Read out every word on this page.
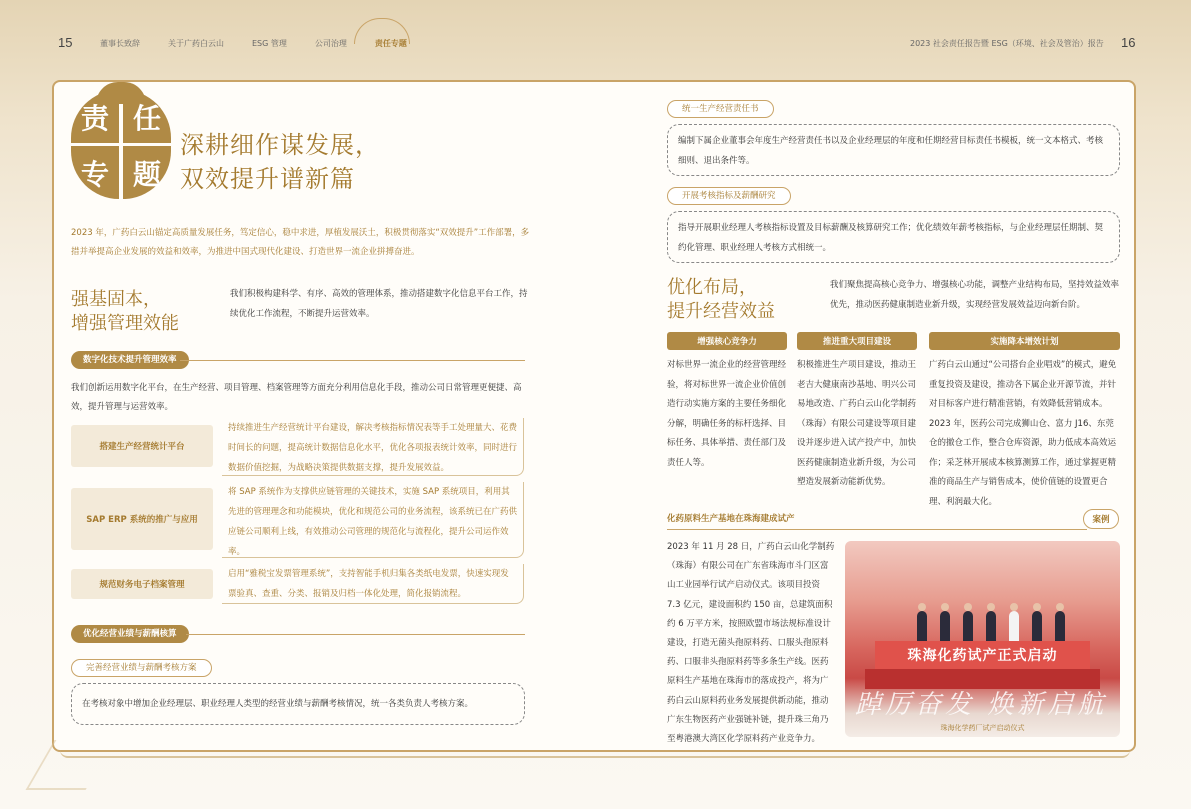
15	董事长致辞	关于广药白云山	ESG 管理	公司治理	责任专题	2023 社会责任报告暨 ESG（环境、社会及管治）报告 16
责 任
专 题
深耕细作谋发展，
双效提升谱新篇

2023 年，广药白云山锚定高质量发展任务，笃定信心，稳中求进，厚植发展沃土，积极贯彻落实“双效提升”工作部署，多措并举提高企业发展的效益和效率，为推进中国式现代化建设、打造世界一流企业拼搏奋进。

强基固本，
增强管理效能

我们积极构建科学、有序、高效的管理体系，推动搭建数字化信息平台工作，持续优化工作流程，不断提升运营效率。

数字化技术提升管理效率

我们创新运用数字化平台，在生产经营、项目管理、档案管理等方面充分利用信息化手段，推动公司日常管理更便捷、高效，提升管理与运营效率。

搭建生产经营统计平台

持续推进生产经营统计平台建设，解决考核指标情况表等手工处理量大、花费时间长的问题，提高统计数据信息化水平，优化各项报表统计效率，同时进行数据价值挖掘，为战略决策提供数据支撑，提升发展效益。

SAP ERP 系统的推广与应用

将 SAP 系统作为支撑供应链管理的关键技术，实施 SAP 系统项目，利用其先进的管理理念和功能模块，优化和规范公司的业务流程，该系统已在广药供应链公司顺利上线，有效推动公司管理的规范化与流程化，提升公司运作效率。

规范财务电子档案管理

启用“雅税宝发票管理系统”，支持智能手机归集各类纸电发票，快速实现发票验真、查重、分类、报销及归档一体化处理，简化报销流程。

优化经营业绩与薪酬核算
完善经营业绩与薪酬考核方案

在考核对象中增加企业经理层、职业经理人类型的经营业绩与薪酬考核情况，统一各类负责人考核方案。

统一生产经营责任书

编制下属企业董事会年度生产经营责任书以及企业经理层的年度和任期经营目标责任书模板，统一文本格式、考核细则、退出条件等。

开展考核指标及薪酬研究

指导开展职业经理人考核指标设置及目标薪酬及核算研究工作；优化绩效年薪考核指标，与企业经理层任期制、契约化管理、职业经理人考核方式相统一。

优化布局，
提升经营效益

我们聚焦提高核心竞争力、增强核心功能，调整产业结构布局，坚持效益效率优先，推动医药健康制造业新升级，实现经营发展效益迈向新台阶。

增强核心竞争力

对标世界一流企业的经营管理经验，将对标世界一流企业价值创造行动实施方案的主要任务细化分解，明确任务的标杆选择、目标任务、具体举措、责任部门及责任人等。

推进重大项目建设

积极推进生产项目建设，推动王老吉大健康南沙基地、明兴公司易地改造、广药白云山化学制药（珠海）有限公司建设等项目建设并逐步进入试产投产中，加快医药健康制造业新升级，为公司塑造发展新动能新优势。

实施降本增效计划

广药白云山通过“公司搭台企业唱戏”的模式，避免重复投资及建设，推动各下属企业开源节流，并针对目标客户进行精准营销，有效降低营销成本。2023 年，医药公司完成狮山仓、富力 J16、东莞仓的撤仓工作，整合仓库资源，助力低成本高效运作；采芝林开展成本核算测算工作，通过掌握更精准的商品生产与销售成本，使价值链的设置更合理、利润最大化。

化药原料生产基地在珠海建成试产	案例

2023 年 11 月 28 日，广药白云山化学制药（珠海）有限公司在广东省珠海市斗门区富山工业园举行试产启动仪式。该项目投资 7.3 亿元，建设面积约 150 亩，总建筑面积约 6 万平方米，按照欧盟市场法规标准设计建设，打造无菌头孢原料药、口服头孢原料药、口服非头孢原料药等多条生产线。医药原料生产基地在珠海市的落成投产，将为广药白云山原料药业务发展提供新动能，推动广东生物医药产业强链补链，提升珠三角乃至粤港澳大湾区化学原料药产业竞争力。

珠海化药试产正式启动
踔厉奋发 焕新启航
珠海化学药厂试产启动仪式
